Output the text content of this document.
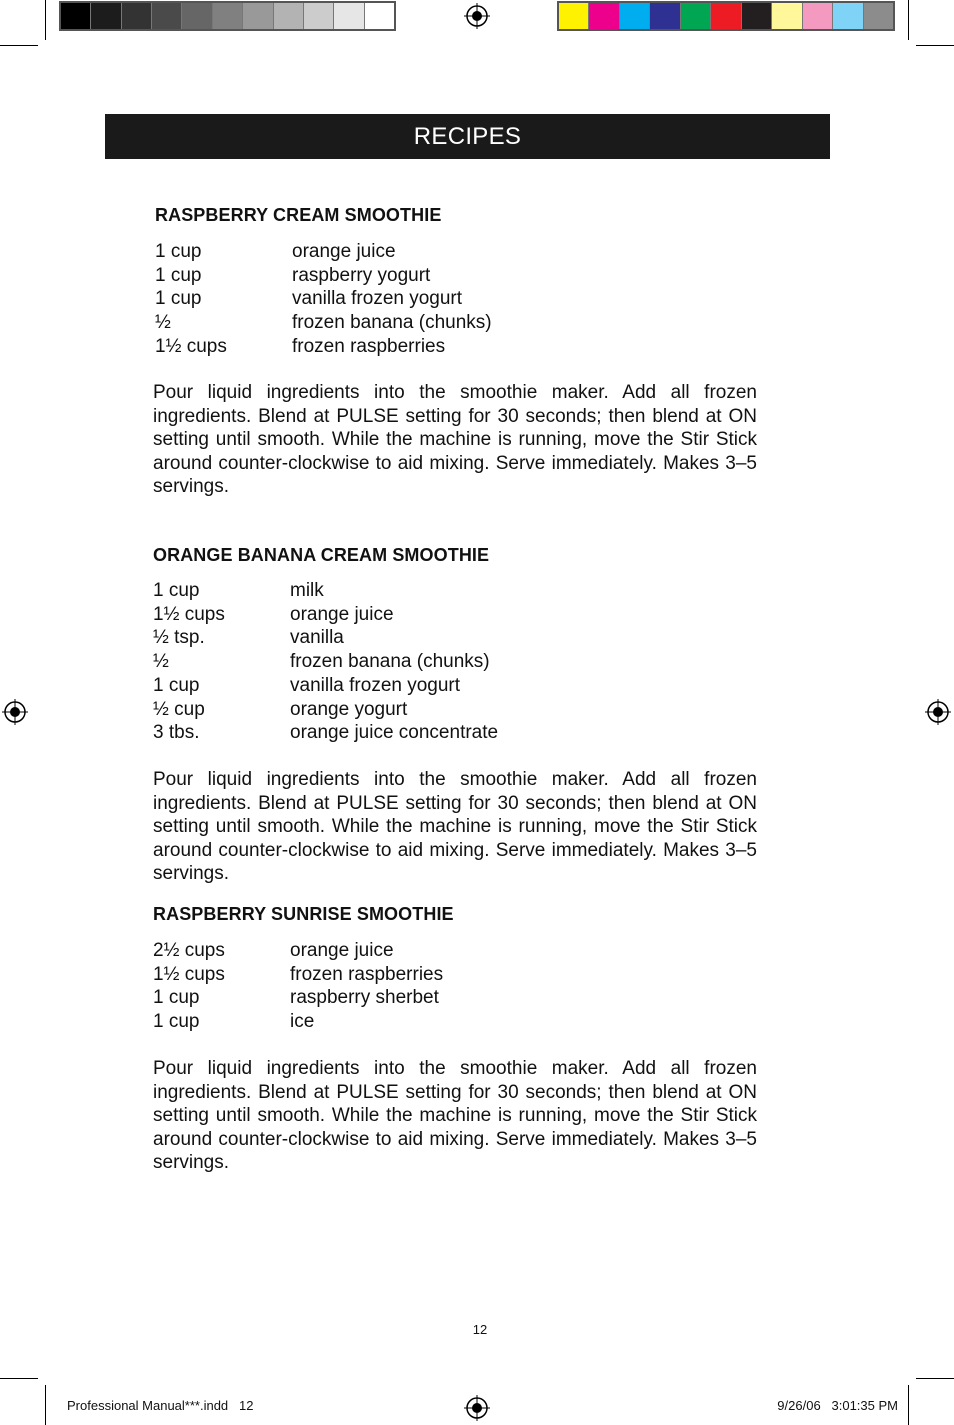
RECIPES
RASPBERRY CREAM SMOOTHIE
1 cup	orange juice
1 cup	raspberry yogurt
1 cup	vanilla frozen yogurt
½	frozen banana (chunks)
1½ cups	frozen raspberries
Pour liquid ingredients into the smoothie maker. Add all frozen ingredients. Blend at PULSE setting for 30 seconds; then blend at ON setting until smooth. While the machine is running, move the Stir Stick around counter-clockwise to aid mixing. Serve immediately. Makes 3–5 servings.
ORANGE BANANA CREAM SMOOTHIE
1 cup	milk
1½ cups	orange juice
½ tsp.	vanilla
½	frozen banana (chunks)
1 cup	vanilla frozen yogurt
½ cup	orange yogurt
3 tbs.	orange juice concentrate
Pour liquid ingredients into the smoothie maker. Add all frozen ingredients. Blend at PULSE setting for 30 seconds; then blend at ON setting until smooth. While the machine is running, move the Stir Stick around counter-clockwise to aid mixing. Serve immediately. Makes 3–5 servings.
RASPBERRY SUNRISE SMOOTHIE
2½ cups	orange juice
1½ cups	frozen raspberries
1 cup	raspberry sherbet
1 cup	ice
Pour liquid ingredients into the smoothie maker. Add all frozen ingredients. Blend at PULSE setting for 30 seconds; then blend at ON setting until smooth. While the machine is running, move the Stir Stick around counter-clockwise to aid mixing. Serve immediately. Makes 3–5 servings.
12
Professional Manual***.indd   12	9/26/06   3:01:35 PM
